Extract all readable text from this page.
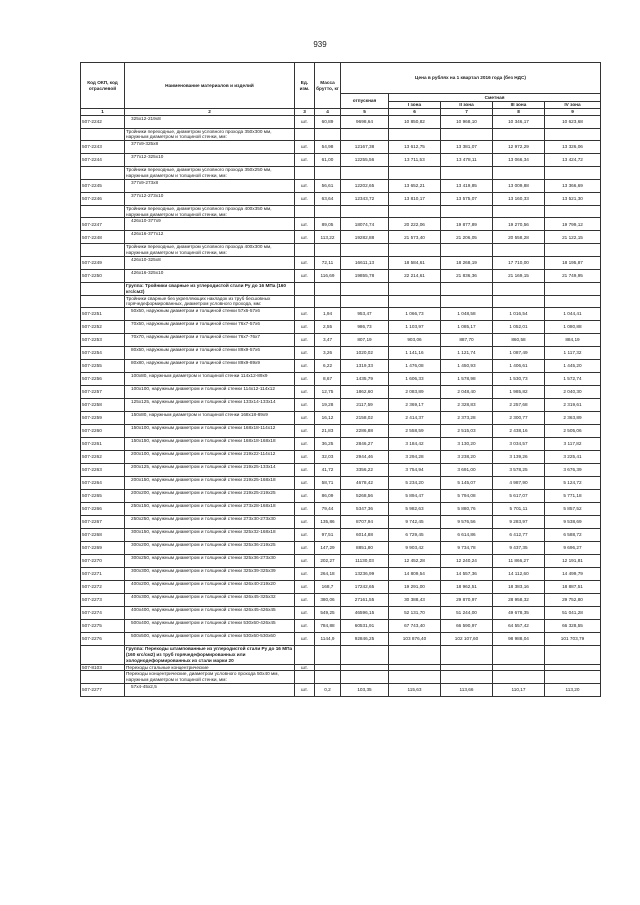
939
Код ОКП, код отраслевой	Наименование материалов и изделий	Ед. изм.	Масса брутто, кг	Цена в рублях на 1 квартал 2016 года (без НДС)				
				отпускная	Сметная			
					I зона	II зона	III зона	IV зона
1	2	3	4	5	6	7	8	9
507-2242	325х12-219х8	шт.	60,89	9698,64	10 850,82	10 968,10	10 346,17	10 623,68
	Тройники переходные, диаметром условного прохода 350х300 мм, наружным диаметром и толщиной стенки, мм:							
507-2243	377х9-325х8	шт.	54,98	12167,38	13 612,75	13 381,07	12 972,29	13 326,06
507-2244	377х12-325х10	шт.	61,00	12255,56	13 711,53	13 478,11	13 066,34	13 424,72
	Тройники переходные, диаметром условного прохода 350х250 мм, наружным диаметром и толщиной стенки, мм:							
507-2245	377х9-273х8	шт.	56,61	12202,65	13 652,21	13 419,85	13 009,88	13 366,69
507-2246	377х12-273х10	шт.	63,64	12343,72	13 810,17	13 575,07	13 160,33	13 521,30
	Тройники переходные, диаметром условного прохода 400х350 мм, наружным диаметром и толщиной стенки, мм:							
507-2247	426х10-377х9	шт.	89,05	18074,74	20 222,06	19 877,89	19 270,56	19 799,12
507-2248	426х16-377х12	шт.	113,22	19282,88	21 573,40	21 206,05	20 558,28	21 122,15
	Тройники переходные, диаметром условного прохода 400х300 мм, наружным диаметром и толщиной стенки, мм:							
507-2249	426х10-325х8	шт.	72,11	16611,13	18 584,61	18 268,19	17 710,00	18 195,87
507-2250	426х16-325х10	шт.	116,69	19855,78	22 214,61	21 836,36	21 169,15	21 749,95
	Группа: Тройники сварные из углеродистой стали Ру до 16 МПа (160 кгс/см2)							
	Тройники сварные без укрепляющих накладок из труб бесшовных горячедеформированных, диаметром условного прохода, мм:							
507-2251	50х50, наружным диаметром и толщиной стенки 57х6-57х6	шт.	1,94	953,47	1 066,73	1 048,58	1 016,54	1 044,41
507-2252	70х50, наружным диаметром и толщиной стенки 76х7-57х6	шт.	2,55	986,73	1 103,97	1 085,17	1 052,01	1 080,88
507-2253	70х70, наружным диаметром и толщиной стенки 76х7-76х7	шт.	3,47	807,19	903,06	887,70	860,58	884,19
507-2254	80х50, наружным диаметром и толщиной стенки 89х9-57х6	шт.	3,26	1020,02	1 141,16	1 121,74	1 087,49	1 117,32
507-2255	80х80, наружным диаметром и толщиной стенки 89х9-89х9	шт.	6,22	1319,33	1 476,08	1 450,93	1 406,61	1 445,20
507-2256	100х80, наружным диаметром и толщиной стенки 114х12-89х9	шт.	8,67	1435,79	1 606,33	1 578,98	1 530,73	1 572,74
507-2257	100х100, наружным диаметром и толщиной стенки 114х12-114х12	шт.	12,75	1862,60	2 083,89	2 048,40	1 985,82	2 040,30
507-2258	125х125, наружным диаметром и толщиной стенки 133х14-133х14	шт.	19,28	2117,59	2 369,17	2 328,83	2 257,68	2 319,61
507-2259	150х80, наружным диаметром и толщиной стенки 168х18-89х9	шт.	16,12	2158,02	2 414,37	2 373,28	2 300,77	2 363,89
507-2260	150х100, наружным диаметром и толщиной стенки 168х18-114х12	шт.	21,83	2286,88	2 558,59	2 515,03	2 438,16	2 505,06
507-2261	150х150, наружным диаметром и толщиной стенки 168х18-168х18	шт.	36,25	2846,27	3 184,42	3 130,20	3 034,57	3 117,82
507-2262	200х100, наружным диаметром и толщиной стенки 219х22-114х12	шт.	32,03	2944,46	3 294,28	3 238,20	3 139,26	3 225,41
507-2263	200х125, наружным диаметром и толщиной стенки 219х25-133х14	шт.	41,72	3356,22	3 754,94	3 691,00	3 578,25	3 676,39
507-2264	200х150, наружным диаметром и толщиной стенки 219х25-168х18	шт.	58,71	4678,42	5 234,20	5 145,07	4 987,90	5 124,72
507-2265	200х200, наружным диаметром и толщиной стенки 219х25-219х25	шт.	86,09	5268,56	5 894,47	5 794,08	5 617,07	5 771,18
507-2266	250х150, наружным диаметром и толщиной стенки 273х28-168х18	шт.	79,44	5347,36	5 982,63	5 880,76	5 701,11	5 857,52
507-2267	250х250, наружным диаметром и толщиной стенки 273х30-273х30	шт.	135,86	8707,94	9 742,45	9 576,56	9 283,97	9 538,69
507-2268	300х150, наружным диаметром и толщиной стенки 325х32-168х18	шт.	97,51	6014,88	6 729,45	6 614,86	6 412,77	6 588,72
507-2269	300х200, наружным диаметром и толщиной стенки 325х36-219х25	шт.	147,29	8851,80	9 903,42	9 734,78	9 437,35	9 696,27
507-2270	300х250, наружным диаметром и толщиной стенки 325х36-273х30	шт.	202,27	11130,03	12 452,28	12 240,24	11 866,27	12 191,81
507-2271	300х300, наружным диаметром и толщиной стенки 325х39-325х39	шт.	264,18	13236,99	14 809,54	14 557,36	14 112,60	14 499,79
507-2272	400х200, наружным диаметром и толщиной стенки 426х40-219х20	шт.	168,7	17242,65	19 291,00	18 962,51	18 383,16	18 887,51
507-2273	400х300, наружным диаметром и толщиной стенки 426х45-325х32	шт.	380,06	27161,55	30 388,43	29 870,97	28 958,32	29 752,80
507-2274	400х400, наружным диаметром и толщиной стенки 426х45-426х45	шт.	549,25	46596,15	52 131,70	51 244,00	49 678,35	51 041,28
507-2275	500х400, наружным диаметром и толщиной стенки 530х60-426х45	шт.	784,88	60531,91	67 743,40	66 590,97	64 557,42	66 328,55
507-2276	500х500, наружным диаметром и толщиной стенки 530х60-530х60	шт.	1144,9	92846,25	103 876,40	102 107,60	98 988,04	101 703,79
	Группа: Переходы штампованные из углеродистой стали Ру до 16 МПа (160 кгс/см2) из труб горячедеформированных или холоднодеформированных из стали марки 20							
507-8103	Переходы стальные концентрические	шт.						
	Переходы концентрические, диаметром условного прохода 50х40 мм, наружным диаметром и толщиной стенки, мм:							
507-2277	57х4-45х2,5	шт.	0,2	103,35	115,63	113,66	110,17	113,20
